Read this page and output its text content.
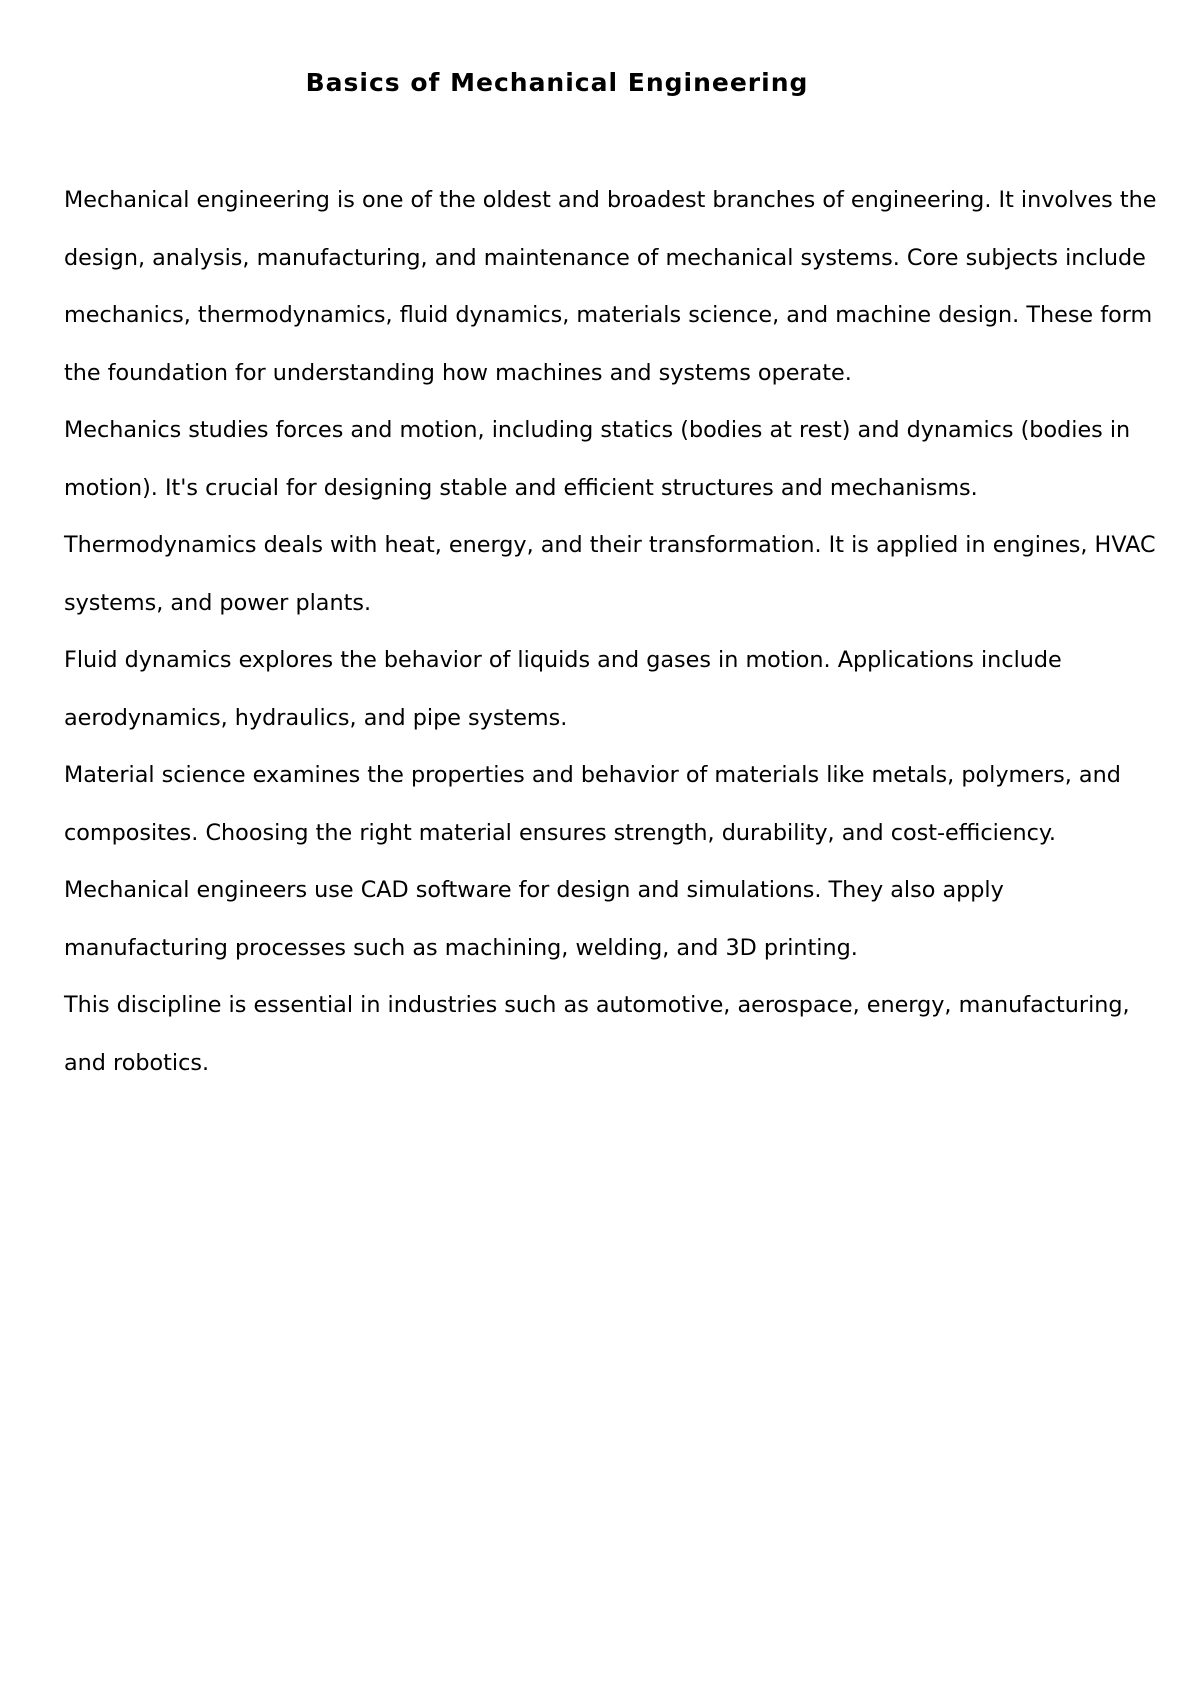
Basics of Mechanical Engineering

Mechanical engineering is one of the oldest and broadest branches of engineering. It involves the design, analysis, manufacturing, and maintenance of mechanical systems. Core subjects include mechanics, thermodynamics, fluid dynamics, materials science, and machine design. These form the foundation for understanding how machines and systems operate.

Mechanics studies forces and motion, including statics (bodies at rest) and dynamics (bodies in motion). It's crucial for designing stable and efficient structures and mechanisms.

Thermodynamics deals with heat, energy, and their transformation. It is applied in engines, HVAC systems, and power plants.

Fluid dynamics explores the behavior of liquids and gases in motion. Applications include aerodynamics, hydraulics, and pipe systems.

Material science examines the properties and behavior of materials like metals, polymers, and composites. Choosing the right material ensures strength, durability, and cost-efficiency.

Mechanical engineers use CAD software for design and simulations. They also apply manufacturing processes such as machining, welding, and 3D printing.

This discipline is essential in industries such as automotive, aerospace, energy, manufacturing, and robotics.
